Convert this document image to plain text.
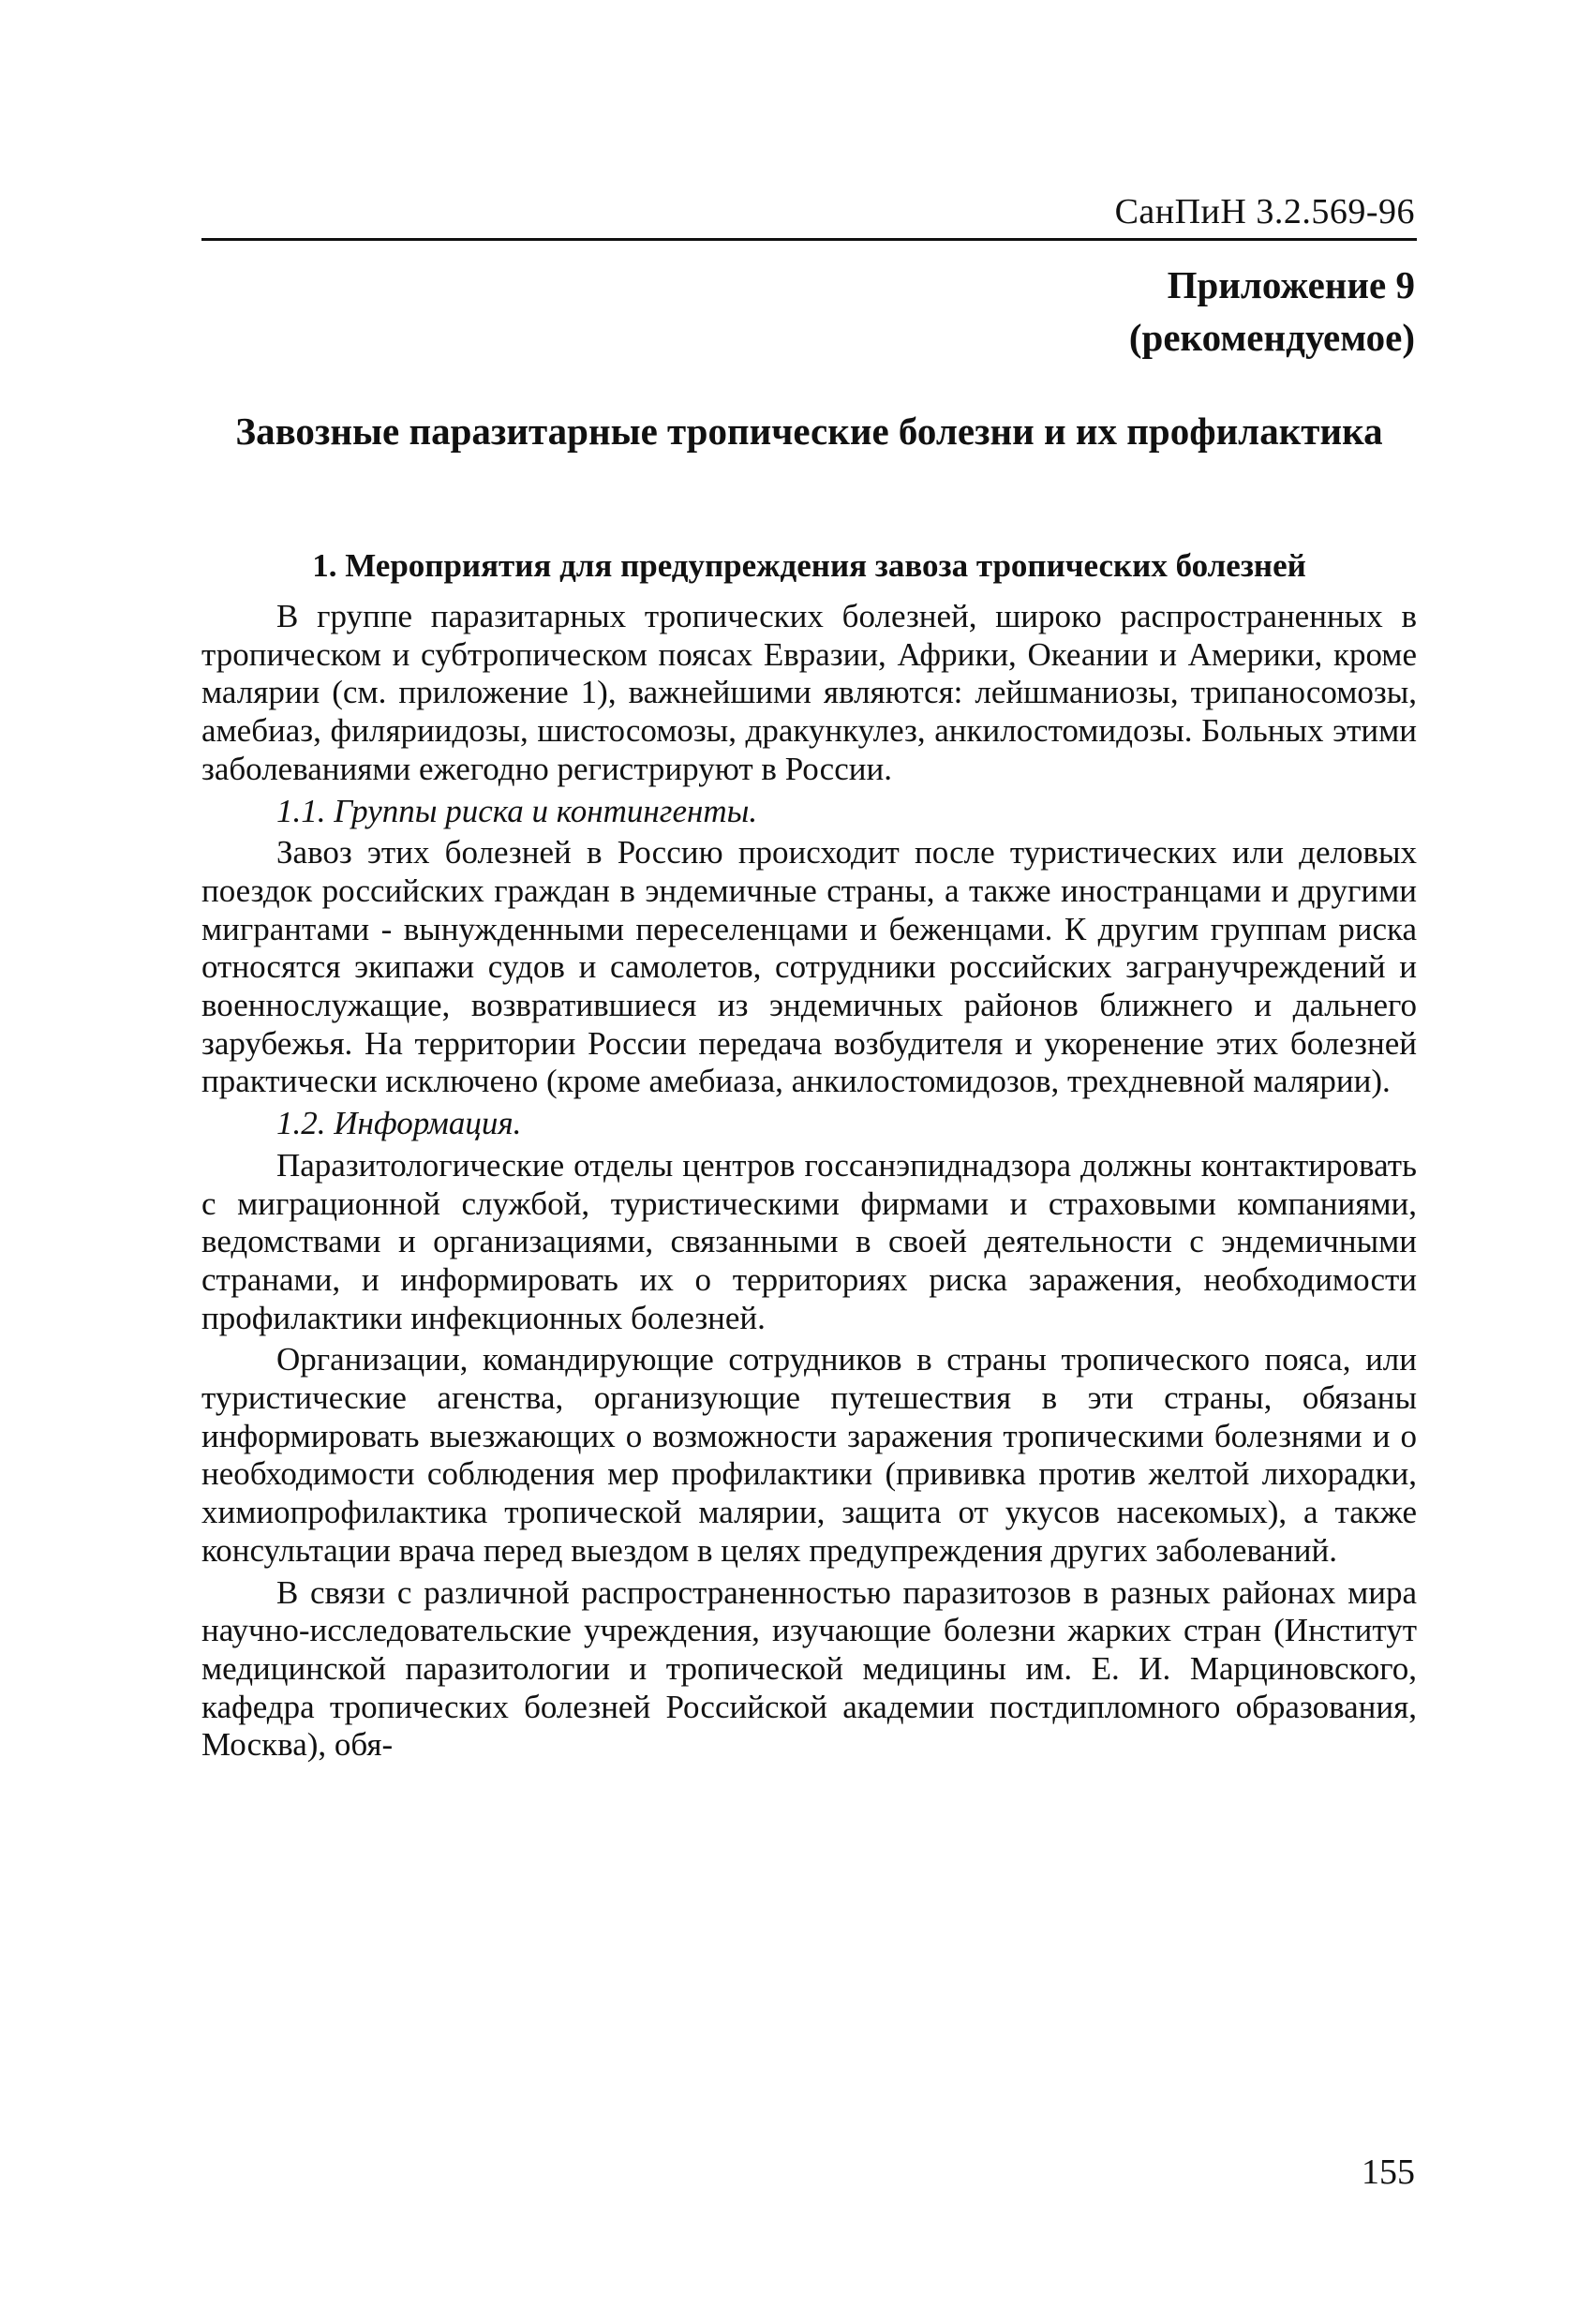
СанПиН 3.2.569-96
Приложение 9
(рекомендуемое)
Завозные паразитарные тропические болезни и их профилактика
1. Мероприятия для предупреждения завоза тропических болезней

В группе паразитарных тропических болезней, широко распространенных в тропическом и субтропическом поясах Евразии, Африки, Океании и Америки, кроме малярии (см. приложение 1), важнейшими являются: лейшманиозы, трипаносомозы, амебиаз, филяриидозы, шистосомозы, дракункулез, анкилостомидозы. Больных этими заболеваниями ежегодно регистрируют в России.

1.1. Группы риска и контингенты.

Завоз этих болезней в Россию происходит после туристических или деловых поездок российских граждан в эндемичные страны, а также иностранцами и другими мигрантами - вынужденными переселенцами и беженцами. К другим группам риска относятся экипажи судов и самолетов, сотрудники российских загранучреждений и военнослужащие, возвратившиеся из эндемичных районов ближнего и дальнего зарубежья. На территории России передача возбудителя и укоренение этих болезней практически исключено (кроме амебиаза, анкилостомидозов, трехдневной малярии).

1.2. Информация.

Паразитологические отделы центров госсанэпиднадзора должны контактировать с миграционной службой, туристическими фирмами и страховыми компаниями, ведомствами и организациями, связанными в своей деятельности с эндемичными странами, и информировать их о территориях риска заражения, необходимости профилактики инфекционных болезней.

Организации, командирующие сотрудников в страны тропического пояса, или туристические агенства, организующие путешествия в эти страны, обязаны информировать выезжающих о возможности заражения тропическими болезнями и о необходимости соблюдения мер профилактики (прививка против желтой лихорадки, химиопрофилактика тропической малярии, защита от укусов насекомых), а также консультации врача перед выездом в целях предупреждения других заболеваний.

В связи с различной распространенностью паразитозов в разных районах мира научно-исследовательские учреждения, изучающие болезни жарких стран (Институт медицинской паразитологии и тропической медицины им. Е. И. Марциновского, кафедра тропических болезней Российской академии постдипломного образования, Москва), обя-

155
